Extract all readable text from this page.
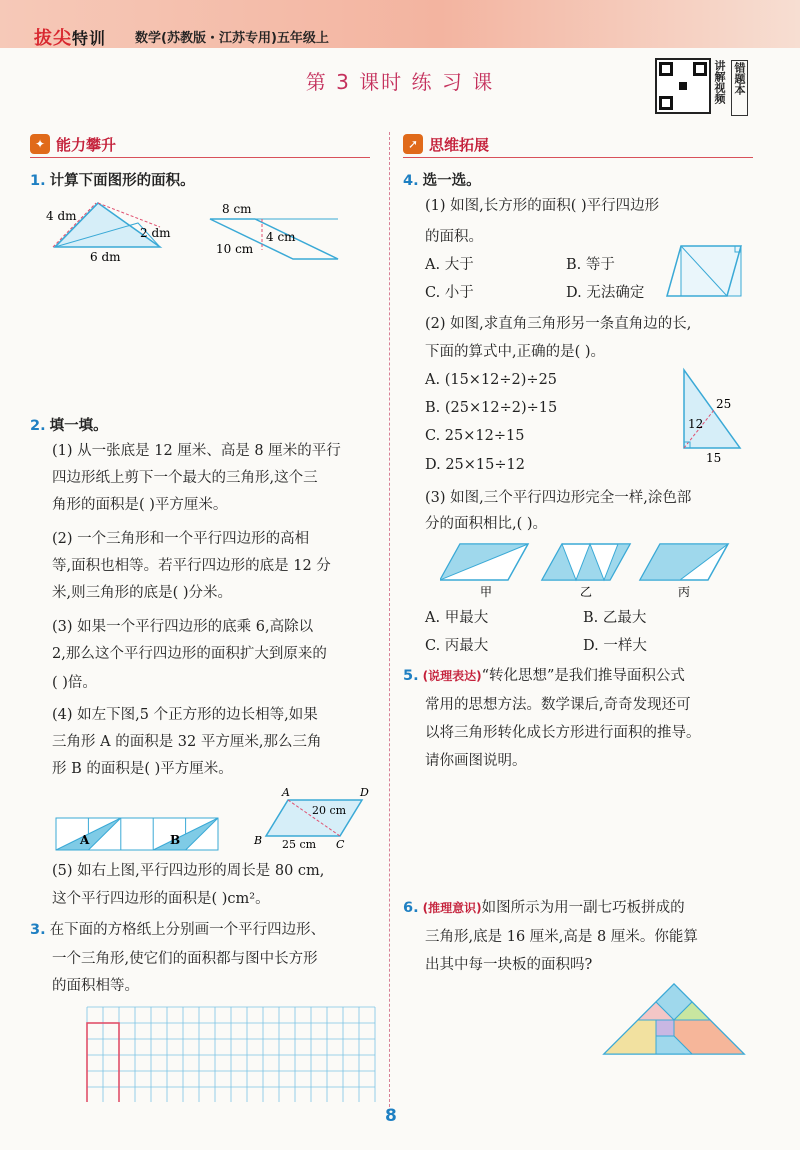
拔尖特训 数学(苏教版・江苏专用)五年级上
第 3 课时 练 习 课	讲解视频 错题本
✦ 能力攀升	➚ 思维拓展
1. 计算下面图形的面积。
4 dm
2 dm
6 dm
8 cm
4 cm
10 cm
2. 填一填。
(1) 从一张底是 12 厘米、高是 8 厘米的平行
四边形纸上剪下一个最大的三角形,这个三
角形的面积是( )平方厘米。
(2) 一个三角形和一个平行四边形的高相
等,面积也相等。若平行四边形的底是 12 分
米,则三角形的底是( )分米。
(3) 如果一个平行四边形的底乘 6,高除以
2,那么这个平行四边形的面积扩大到原来的
( )倍。
(4) 如左下图,5 个正方形的边长相等,如果
三角形 A 的面积是 32 平方厘米,那么三角
形 B 的面积是( )平方厘米。
A	B
A	D
B	C
20 cm
25 cm
(5) 如右上图,平行四边形的周长是 80 cm,
这个平行四边形的面积是( )cm²。
3. 在下面的方格纸上分别画一个平行四边形、
一个三角形,使它们的面积都与图中长方形
的面积相等。
4. 选一选。
(1) 如图,长方形的面积( )平行四边形
的面积。
A. 大于	B. 等于
C. 小于	D. 无法确定
(2) 如图,求直角三角形另一条直角边的长,
下面的算式中,正确的是( )。
A. (15×12÷2)÷25
B. (25×12÷2)÷15
C. 25×12÷15
D. 25×15÷12
25
12
15
(3) 如图,三个平行四边形完全一样,涂色部
分的面积相比,( )。
甲	乙	丙
A. 甲最大	B. 乙最大
C. 丙最大	D. 一样大
5. (说理表达)“转化思想”是我们推导面积公式
常用的思想方法。数学课后,奇奇发现还可
以将三角形转化成长方形进行面积的推导。
请你画图说明。
6. (推理意识)如图所示为用一副七巧板拼成的
三角形,底是 16 厘米,高是 8 厘米。你能算
出其中每一块板的面积吗?
8
